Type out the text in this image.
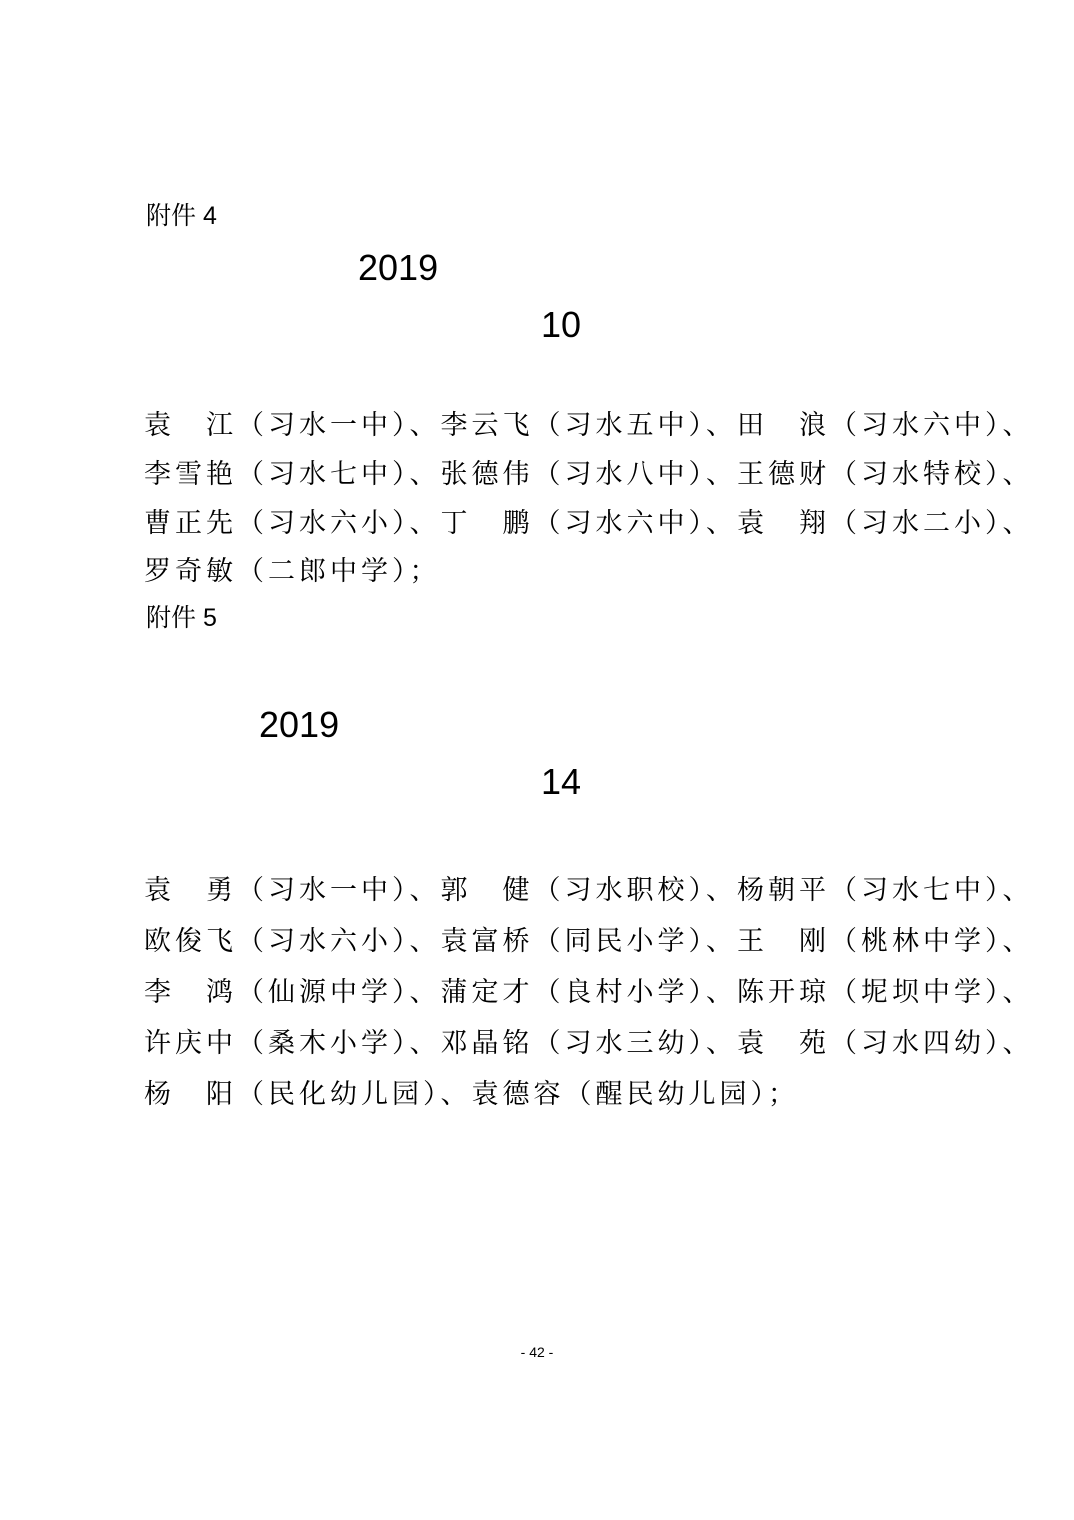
附件 4
2019
10
袁　江（习水一中）、李云飞（习水五中）、田　浪（习水六中）、
李雪艳（习水七中）、张德伟（习水八中）、王德财（习水特校）、
曹正先（习水六小）、丁　鹏（习水六中）、袁　翔（习水二小）、
罗奇敏（二郎中学）；
附件 5
2019
14
袁　勇（习水一中）、郭　健（习水职校）、杨朝平（习水七中）、
欧俊飞（习水六小）、袁富桥（同民小学）、王　刚（桃林中学）、
李　鸿（仙源中学）、蒲定才（良村小学）、陈开琼（坭坝中学）、
许庆中（桑木小学）、邓晶铭（习水三幼）、袁　苑（习水四幼）、
杨　阳（民化幼儿园）、袁德容（醒民幼儿园）；
- 42 -
